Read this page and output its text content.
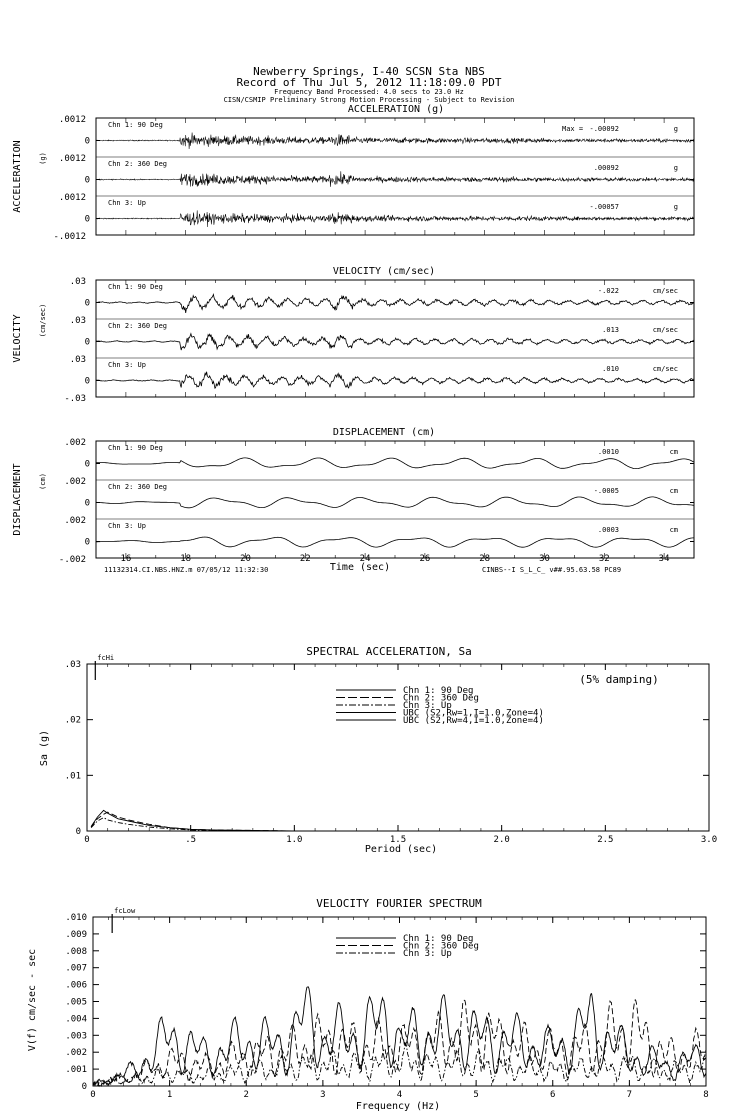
Newberry Springs, I-40 SCSN Sta NBS
Record of Thu Jul 5, 2012 11:18:09.0 PDT
Frequency Band Processed: 4.0 secs to 23.0 Hz
CISN/CSMIP Preliminary Strong Motion Processing - Subject to Revision
ACCELERATION (g)
ACCELERATION (g)
0
.0012	Chn 1: 90 Deg	Max = -.00092	g
0
.0012	Chn 2: 360 Deg	.00092	g
0
.0012	Chn 3: Up	-.00057	g
-.0012
VELOCITY (cm/sec)
VELOCITY (cm/sec)
0
.03	Chn 1: 90 Deg	-.022	cm/sec
0
.03	Chn 2: 360 Deg	.013	cm/sec
0
.03	Chn 3: Up	.010	cm/sec
-.03
DISPLACEMENT (cm)
DISPLACEMENT (cm)
0
.002	Chn 1: 90 Deg	.0010	cm
0
.002	Chn 2: 360 Deg	-.0005	cm
0
.002	Chn 3: Up	.0003	cm
-.002	16	18	20	22	24	26	28	30	32	34
Time (sec)
11132314.CI.NBS.HNZ.m 07/05/12 11:32:30	CINBS--I S_L_C_ v##.95.63.58 PC89
SPECTRAL ACCELERATION, Sa
(5% damping)
Period (sec)
Sa (g)
0	.5	1.0	1.5	2.0	2.5	3.0
0
.01
.02
.03
fcHi
Chn 1: 90 Deg
Chn 2: 360 Deg
Chn 3: Up
UBC (S2,Rw=1,I=1.0,Zone=4)
UBC (S2,Rw=4,I=1.0,Zone=4)
VELOCITY FOURIER SPECTRUM
Frequency (Hz)
V(f) cm/sec - sec
0	1	2	3	4	5	6	7	8
0
.001
.002
.003
.004
.005
.006
.007
.008
.009
.010
fcLow
Chn 1: 90 Deg
Chn 2: 360 Deg
Chn 3: Up
